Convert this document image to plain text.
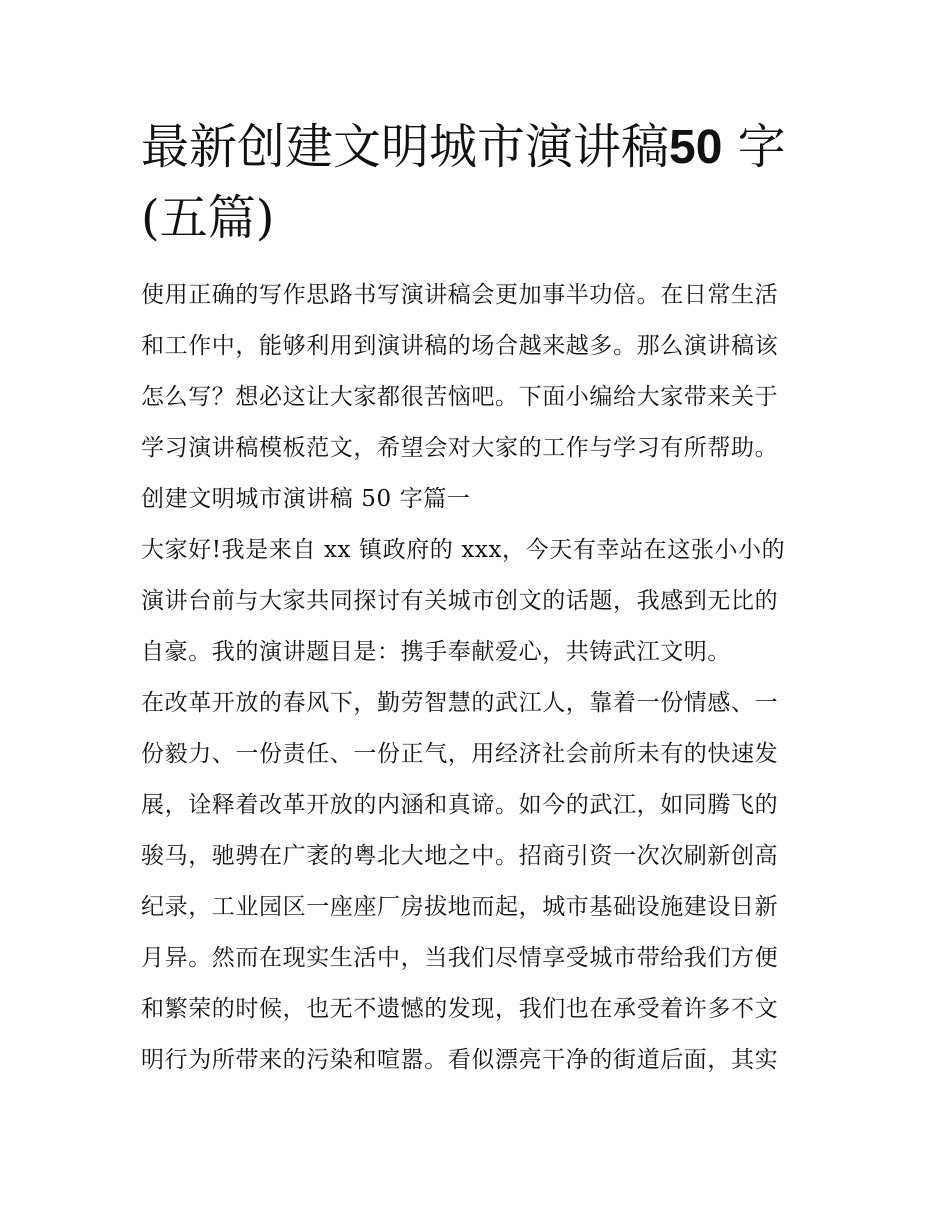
最新创建文明城市演讲稿50 字
(五篇)
使用正确的写作思路书写演讲稿会更加事半功倍。在日常生活
和工作中，能够利用到演讲稿的场合越来越多。那么演讲稿该
怎么写？想必这让大家都很苦恼吧。下面小编给大家带来关于
学习演讲稿模板范文，希望会对大家的工作与学习有所帮助。
创建文明城市演讲稿 50 字篇一
大家好!我是来自 xx 镇政府的 xxx，今天有幸站在这张小小的
演讲台前与大家共同探讨有关城市创文的话题，我感到无比的
自豪。我的演讲题目是：携手奉献爱心，共铸武江文明。
在改革开放的春风下，勤劳智慧的武江人，靠着一份情感、一
份毅力、一份责任、一份正气，用经济社会前所未有的快速发
展，诠释着改革开放的内涵和真谛。如今的武江，如同腾飞的
骏马，驰骋在广袤的粤北大地之中。招商引资一次次刷新创高
纪录，工业园区一座座厂房拔地而起，城市基础设施建设日新
月异。然而在现实生活中，当我们尽情享受城市带给我们方便
和繁荣的时候，也无不遗憾的发现，我们也在承受着许多不文
明行为所带来的污染和喧嚣。看似漂亮干净的街道后面，其实
